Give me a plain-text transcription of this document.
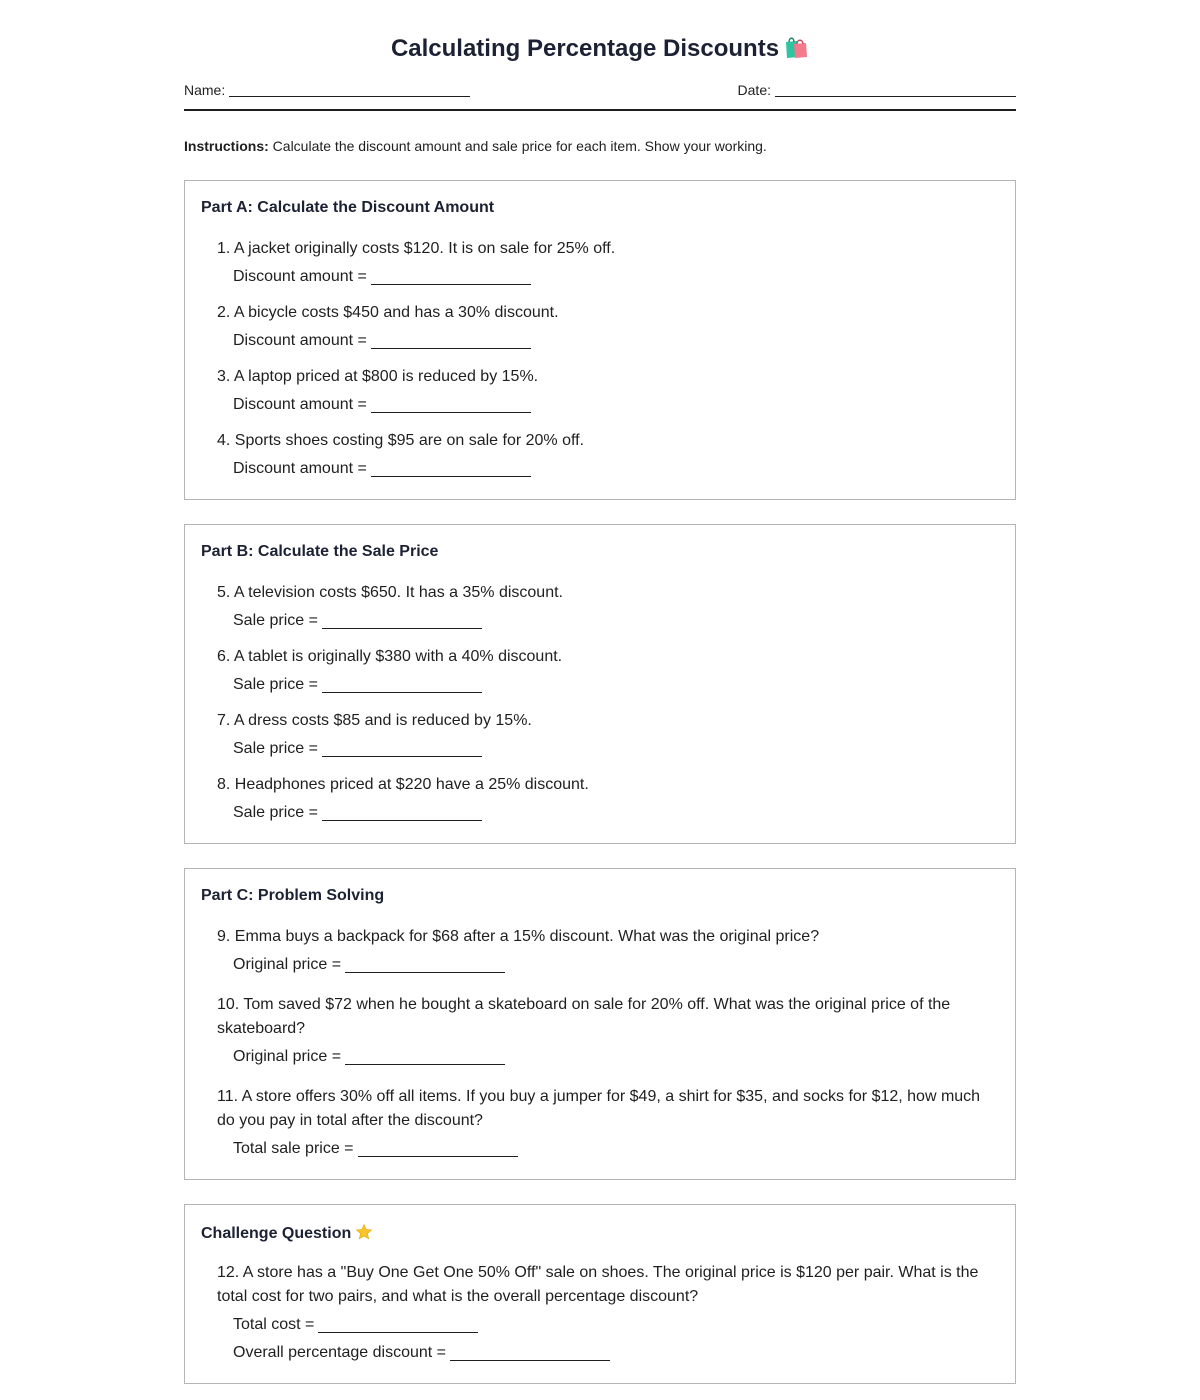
Calculating Percentage Discounts
Name:	Date:

Instructions: Calculate the discount amount and sale price for each item. Show your working.

Part A: Calculate the Discount Amount
1. A jacket originally costs $120. It is on sale for 25% off.
Discount amount =
2. A bicycle costs $450 and has a 30% discount.
Discount amount =
3. A laptop priced at $800 is reduced by 15%.
Discount amount =
4. Sports shoes costing $95 are on sale for 20% off.
Discount amount =
Part B: Calculate the Sale Price
5. A television costs $650. It has a 35% discount.
Sale price =
6. A tablet is originally $380 with a 40% discount.
Sale price =
7. A dress costs $85 and is reduced by 15%.
Sale price =
8. Headphones priced at $220 have a 25% discount.
Sale price =
Part C: Problem Solving
9. Emma buys a backpack for $68 after a 15% discount. What was the original price?
Original price =
10. Tom saved $72 when he bought a skateboard on sale for 20% off. What was the original price of the skateboard?
Original price =
11. A store offers 30% off all items. If you buy a jumper for $49, a shirt for $35, and socks for $12, how much do you pay in total after the discount?
Total sale price =
Challenge Question
12. A store has a "Buy One Get One 50% Off" sale on shoes. The original price is $120 per pair. What is the total cost for two pairs, and what is the overall percentage discount?
Total cost =
Overall percentage discount =
